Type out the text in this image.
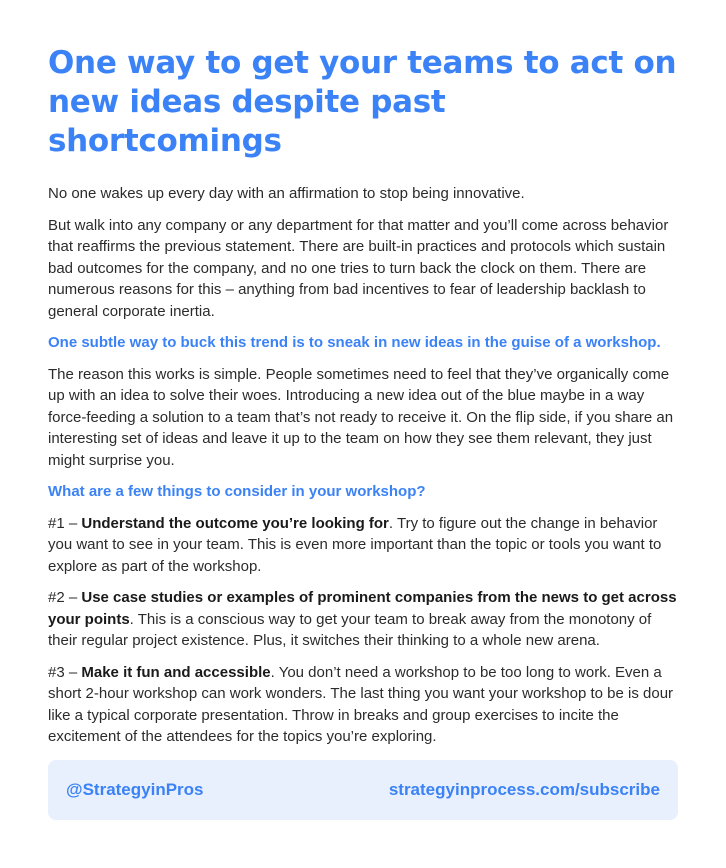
One way to get your teams to act on
new ideas despite past shortcomings

No one wakes up every day with an affirmation to stop being innovative.

But walk into any company or any department for that matter and you’ll come across behavior that reaffirms the previous statement. There are built-in practices and protocols which sustain bad outcomes for the company, and no one tries to turn back the clock on them. There are numerous reasons for this – anything from bad incentives to fear of leadership backlash to general corporate inertia.

One subtle way to buck this trend is to sneak in new ideas in the guise of a workshop.

The reason this works is simple. People sometimes need to feel that they’ve organically come up with an idea to solve their woes. Introducing a new idea out of the blue maybe in a way force-feeding a solution to a team that’s not ready to receive it. On the flip side, if you share an interesting set of ideas and leave it up to the team on how they see them relevant, they just might surprise you.

What are a few things to consider in your workshop?

#1 – Understand the outcome you’re looking for. Try to figure out the change in behavior you want to see in your team. This is even more important than the topic or tools you want to explore as part of the workshop.

#2 – Use case studies or examples of prominent companies from the news to get across your points. This is a conscious way to get your team to break away from the monotony of their regular project existence. Plus, it switches their thinking to a whole new arena.

#3 – Make it fun and accessible. You don’t need a workshop to be too long to work. Even a short 2-hour workshop can work wonders. The last thing you want your workshop to be is dour like a typical corporate presentation. Throw in breaks and group exercises to incite the excitement of the attendees for the topics you’re exploring.

@StrategyinPros	strategyinprocess.com/subscribe
